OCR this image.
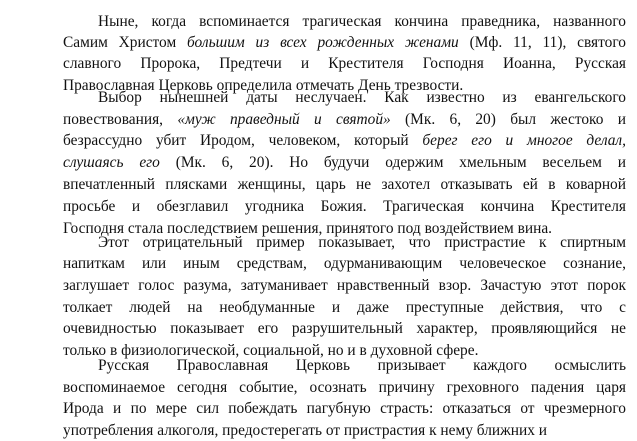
Ныне, когда вспоминается трагическая кончина праведника, названного
Самим Христом большим из всех рожденных женами (Мф. 11, 11), святого
славного Пророка, Предтечи и Крестителя Господня Иоанна, Русская
Православная Церковь определила отмечать День трезвости.
Выбор нынешней даты неслучаен. Как известно из евангельского
повествования, «муж праведный и святой» (Мк. 6, 20) был жестоко и
безрассудно убит Иродом, человеком, который берег его и многое делал,
слушаясь его (Мк. 6, 20). Но будучи одержим хмельным весельем и
впечатленный плясками женщины, царь не захотел отказывать ей в коварной
просьбе и обезглавил угодника Божия. Трагическая кончина Крестителя
Господня стала последствием решения, принятого под воздействием вина.
Этот отрицательный пример показывает, что пристрастие к спиртным
напиткам или иным средствам, одурманивающим человеческое сознание,
заглушает голос разума, затуманивает нравственный взор. Зачастую этот порок
толкает людей на необдуманные и даже преступные действия, что с
очевидностью показывает его разрушительный характер, проявляющийся не
только в физиологической, социальной, но и в духовной сфере.
Русская Православная Церковь призывает каждого осмыслить
воспоминаемое сегодня событие, осознать причину греховного падения царя
Ирода и по мере сил побеждать пагубную страсть: отказаться от чрезмерного
употребления алкоголя, предостерегать от пристрастия к нему ближних и
